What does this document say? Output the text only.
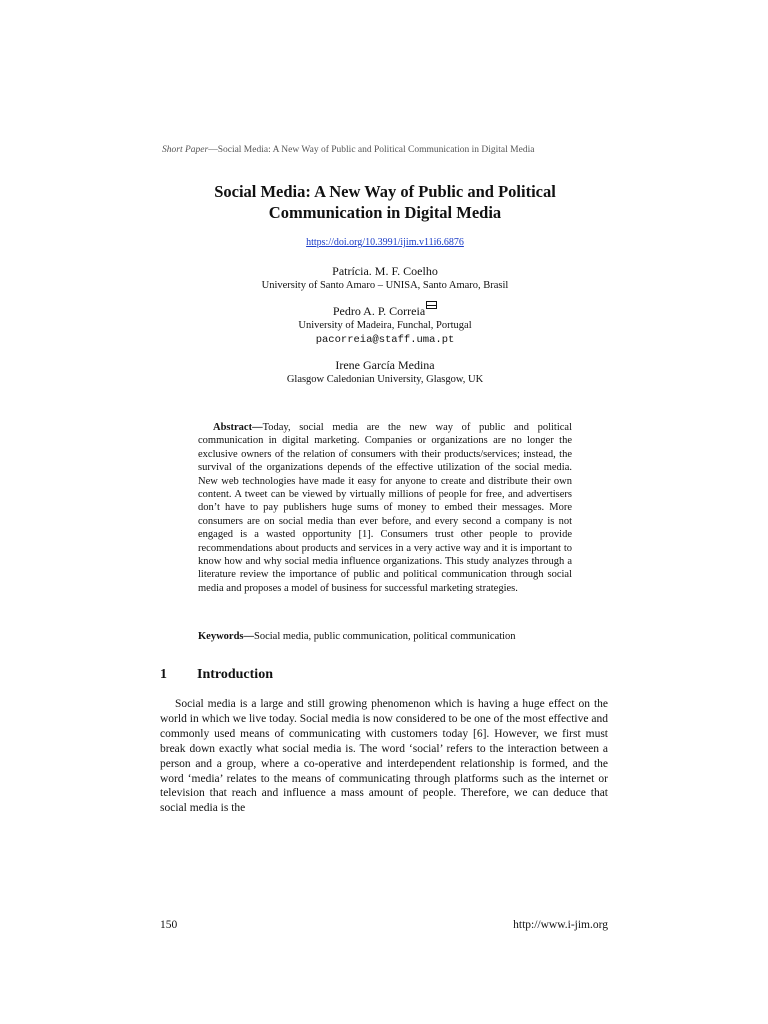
Short Paper—Social Media: A New Way of Public and Political Communication in Digital Media
Social Media: A New Way of Public and Political
Communication in Digital Media
https://doi.org/10.3991/ijim.v11i6.6876
Patrícia. M. F. Coelho
University of Santo Amaro – UNISA, Santo Amaro, Brasil
Pedro A. P. Correia
University of Madeira, Funchal, Portugal
pacorreia@staff.uma.pt
Irene García Medina
Glasgow Caledonian University, Glasgow, UK
Abstract—Today, social media are the new way of public and political communication in digital marketing. Companies or organizations are no longer the exclusive owners of the relation of consumers with their products/services; instead, the survival of the organizations depends of the effective utilization of the social media. New web technologies have made it easy for anyone to create and distribute their own content. A tweet can be viewed by virtually millions of people for free, and advertisers don’t have to pay publishers huge sums of money to embed their messages. More consumers are on social media than ever before, and every second a company is not engaged is a wasted opportunity [1]. Consumers trust other people to provide recommendations about products and services in a very active way and it is important to know how and why social media influence organizations. This study analyzes through a literature review the importance of public and political communication through social media and proposes a model of business for successful marketing strategies.
Keywords—Social media, public communication, political communication
1 Introduction
Social media is a large and still growing phenomenon which is having a huge effect on the world in which we live today. Social media is now considered to be one of the most effective and commonly used means of communicating with customers today [6]. However, we first must break down exactly what social media is. The word ‘social’ refers to the interaction between a person and a group, where a co-operative and interdependent relationship is formed, and the word ‘media’ relates to the means of communicating through platforms such as the internet or television that reach and influence a mass amount of people. Therefore, we can deduce that social media is the
150	http://www.i-jim.org
